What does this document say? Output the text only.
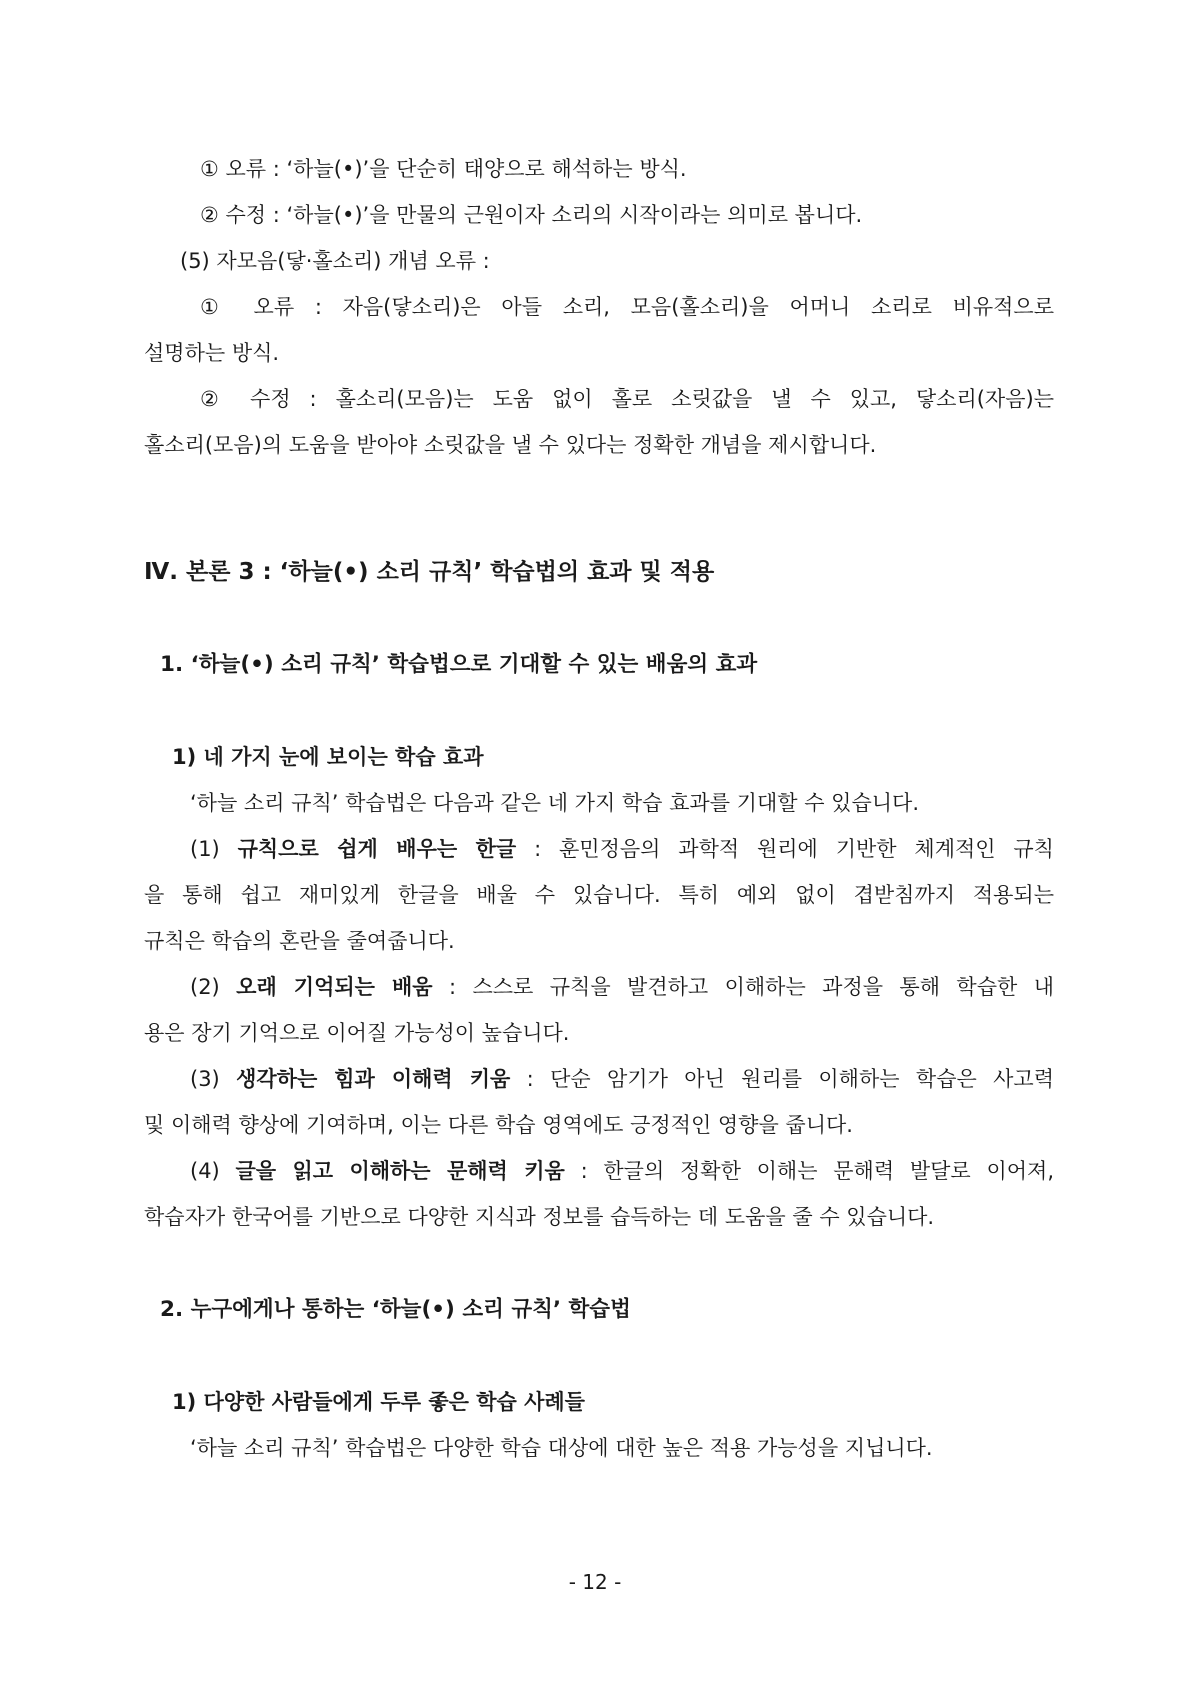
① 오류 : ‘하늘(•)’을 단순히 태양으로 해석하는 방식.
② 수정 : ‘하늘(•)’을 만물의 근원이자 소리의 시작이라는 의미로 봅니다.
(5) 자모음(닿·홀소리) 개념 오류 :
① 오류 : 자음(닿소리)은 아들 소리, 모음(홀소리)을 어머니 소리로 비유적으로
설명하는 방식.
② 수정 : 홀소리(모음)는 도움 없이 홀로 소릿값을 낼 수 있고, 닿소리(자음)는
홀소리(모음)의 도움을 받아야 소릿값을 낼 수 있다는 정확한 개념을 제시합니다.
Ⅳ. 본론 3 : ‘하늘(•) 소리 규칙’ 학습법의 효과 및 적용
1. ‘하늘(•) 소리 규칙’ 학습법으로 기대할 수 있는 배움의 효과
1) 네 가지 눈에 보이는 학습 효과
‘하늘 소리 규칙’ 학습법은 다음과 같은 네 가지 학습 효과를 기대할 수 있습니다.
(1) 규칙으로 쉽게 배우는 한글 : 훈민정음의 과학적 원리에 기반한 체계적인 규칙
을 통해 쉽고 재미있게 한글을 배울 수 있습니다. 특히 예외 없이 겹받침까지 적용되는
규칙은 학습의 혼란을 줄여줍니다.
(2) 오래 기억되는 배움 : 스스로 규칙을 발견하고 이해하는 과정을 통해 학습한 내
용은 장기 기억으로 이어질 가능성이 높습니다.
(3) 생각하는 힘과 이해력 키움 : 단순 암기가 아닌 원리를 이해하는 학습은 사고력
및 이해력 향상에 기여하며, 이는 다른 학습 영역에도 긍정적인 영향을 줍니다.
(4) 글을 읽고 이해하는 문해력 키움 : 한글의 정확한 이해는 문해력 발달로 이어져,
학습자가 한국어를 기반으로 다양한 지식과 정보를 습득하는 데 도움을 줄 수 있습니다.
2. 누구에게나 통하는 ‘하늘(•) 소리 규칙’ 학습법
1) 다양한 사람들에게 두루 좋은 학습 사례들
‘하늘 소리 규칙’ 학습법은 다양한 학습 대상에 대한 높은 적용 가능성을 지닙니다.
- 12 -
